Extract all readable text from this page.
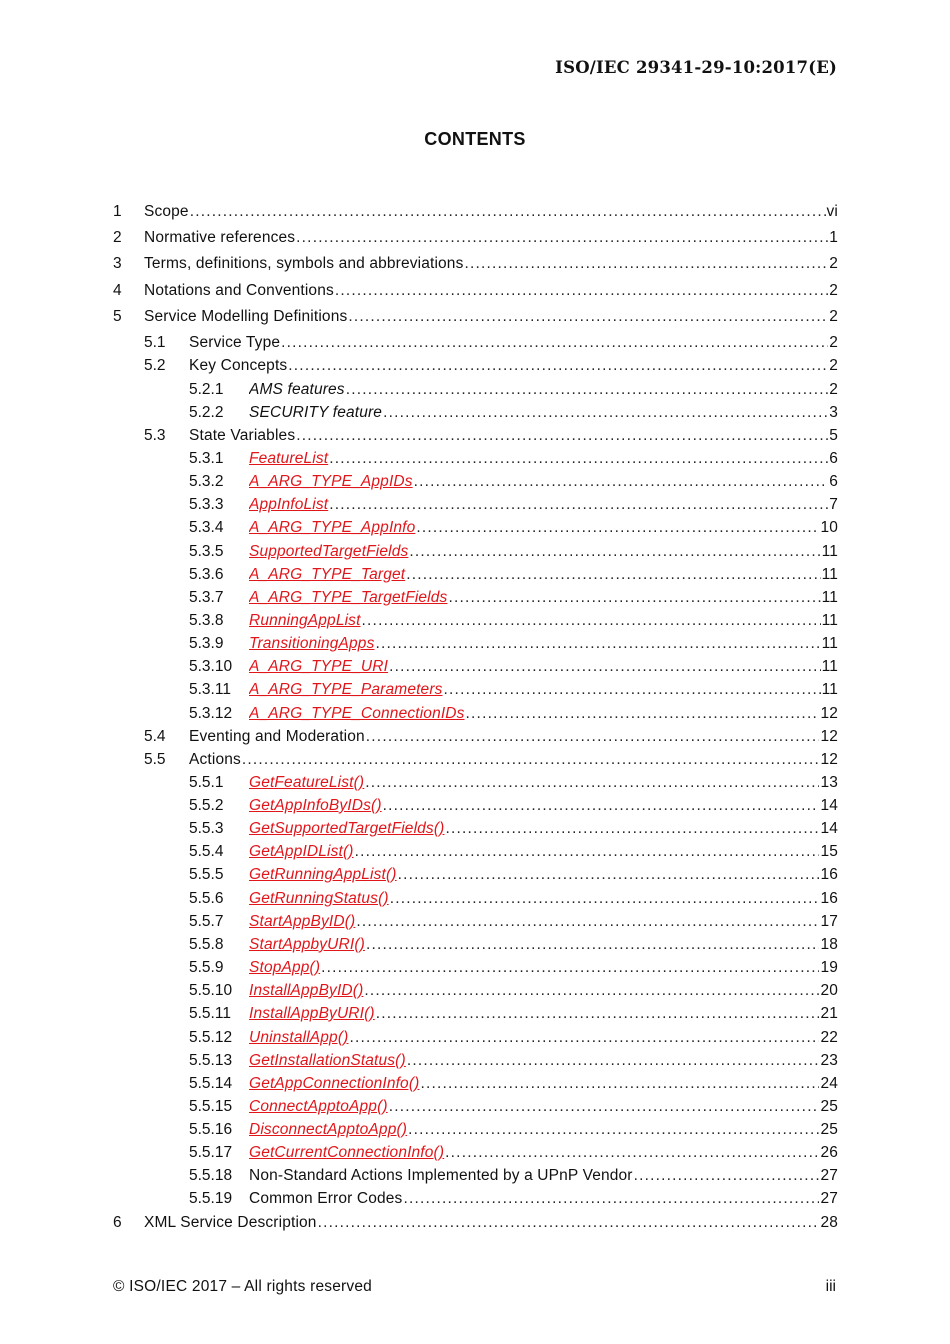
ISO/IEC 29341-29-10:2017(E)
CONTENTS
1 Scope .....	vi
2 Normative references .....	1
3 Terms, definitions, symbols and abbreviations .....	2
4 Notations and Conventions .....	2
5 Service Modelling Definitions .....	2
5.1 Service Type .....	2
5.2 Key Concepts .....	2
5.2.1 AMS features .....	2
5.2.2 SECURITY feature .....	3
5.3 State Variables .....	5
5.3.1 FeatureList .....	6
5.3.2 A_ARG_TYPE_AppIDs .....	6
5.3.3 AppInfoList .....	7
5.3.4 A_ARG_TYPE_AppInfo .....	10
5.3.5 SupportedTargetFields .....	11
5.3.6 A_ARG_TYPE_Target .....	11
5.3.7 A_ARG_TYPE_TargetFields .....	11
5.3.8 RunningAppList .....	11
5.3.9 TransitioningApps .....	11
5.3.10 A_ARG_TYPE_URI .....	11
5.3.11 A_ARG_TYPE_Parameters .....	11
5.3.12 A_ARG_TYPE_ConnectionIDs .....	12
5.4 Eventing and Moderation .....	12
5.5 Actions .....	12
5.5.1 GetFeatureList() .....	13
5.5.2 GetAppInfoByIDs() .....	14
5.5.3 GetSupportedTargetFields() .....	14
5.5.4 GetAppIDList() .....	15
5.5.5 GetRunningAppList() .....	16
5.5.6 GetRunningStatus() .....	16
5.5.7 StartAppByID() .....	17
5.5.8 StartAppbyURI() .....	18
5.5.9 StopApp() .....	19
5.5.10 InstallAppByID() .....	20
5.5.11 InstallAppByURI() .....	21
5.5.12 UninstallApp() .....	22
5.5.13 GetInstallationStatus() .....	23
5.5.14 GetAppConnectionInfo() .....	24
5.5.15 ConnectApptoApp() .....	25
5.5.16 DisconnectApptoApp() .....	25
5.5.17 GetCurrentConnectionInfo() .....	26
5.5.18 Non-Standard Actions Implemented by a UPnP Vendor .....	27
5.5.19 Common Error Codes .....	27
6 XML Service Description .....	28
© ISO/IEC 2017 – All rights reserved	iii
